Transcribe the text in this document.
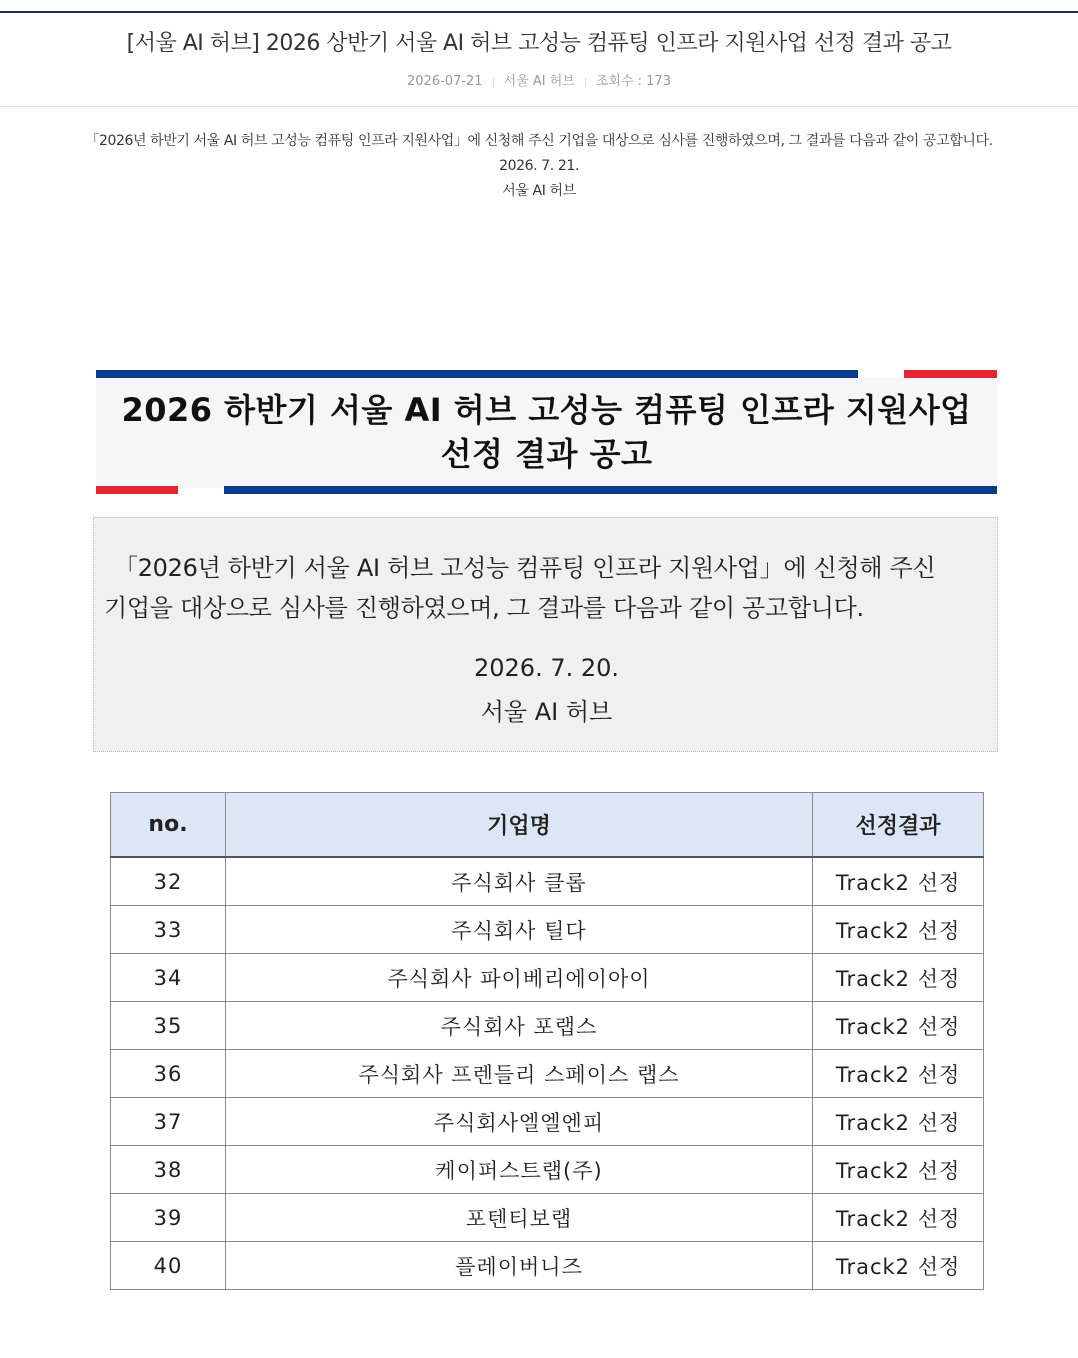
[서울 AI 허브] 2026 상반기 서울 AI 허브 고성능 컴퓨팅 인프라 지원사업 선정 결과 공고
2026-07-21 서울 AI 허브 조회수 : 173
「2026년 하반기 서울 AI 허브 고성능 컴퓨팅 인프라 지원사업」에 신청해 주신 기업을 대상으로 심사를 진행하였으며, 그 결과를 다음과 같이 공고합니다.
2026. 7. 21.
서울 AI 허브
2026 하반기 서울 AI 허브 고성능 컴퓨팅 인프라 지원사업
선정 결과 공고
「2026년 하반기 서울 AI 허브 고성능 컴퓨팅 인프라 지원사업」에 신청해 주신
기업을 대상으로 심사를 진행하였으며, 그 결과를 다음과 같이 공고합니다.
2026. 7. 20.
서울 AI 허브
no.	기업명	선정결과
32	주식회사 클롭	Track2 선정
33	주식회사 틸다	Track2 선정
34	주식회사 파이베리에이아이	Track2 선정
35	주식회사 포랩스	Track2 선정
36	주식회사 프렌들리 스페이스 랩스	Track2 선정
37	주식회사엘엘엔피	Track2 선정
38	케이퍼스트랩(주)	Track2 선정
39	포텐티보랩	Track2 선정
40	플레이버니즈	Track2 선정
